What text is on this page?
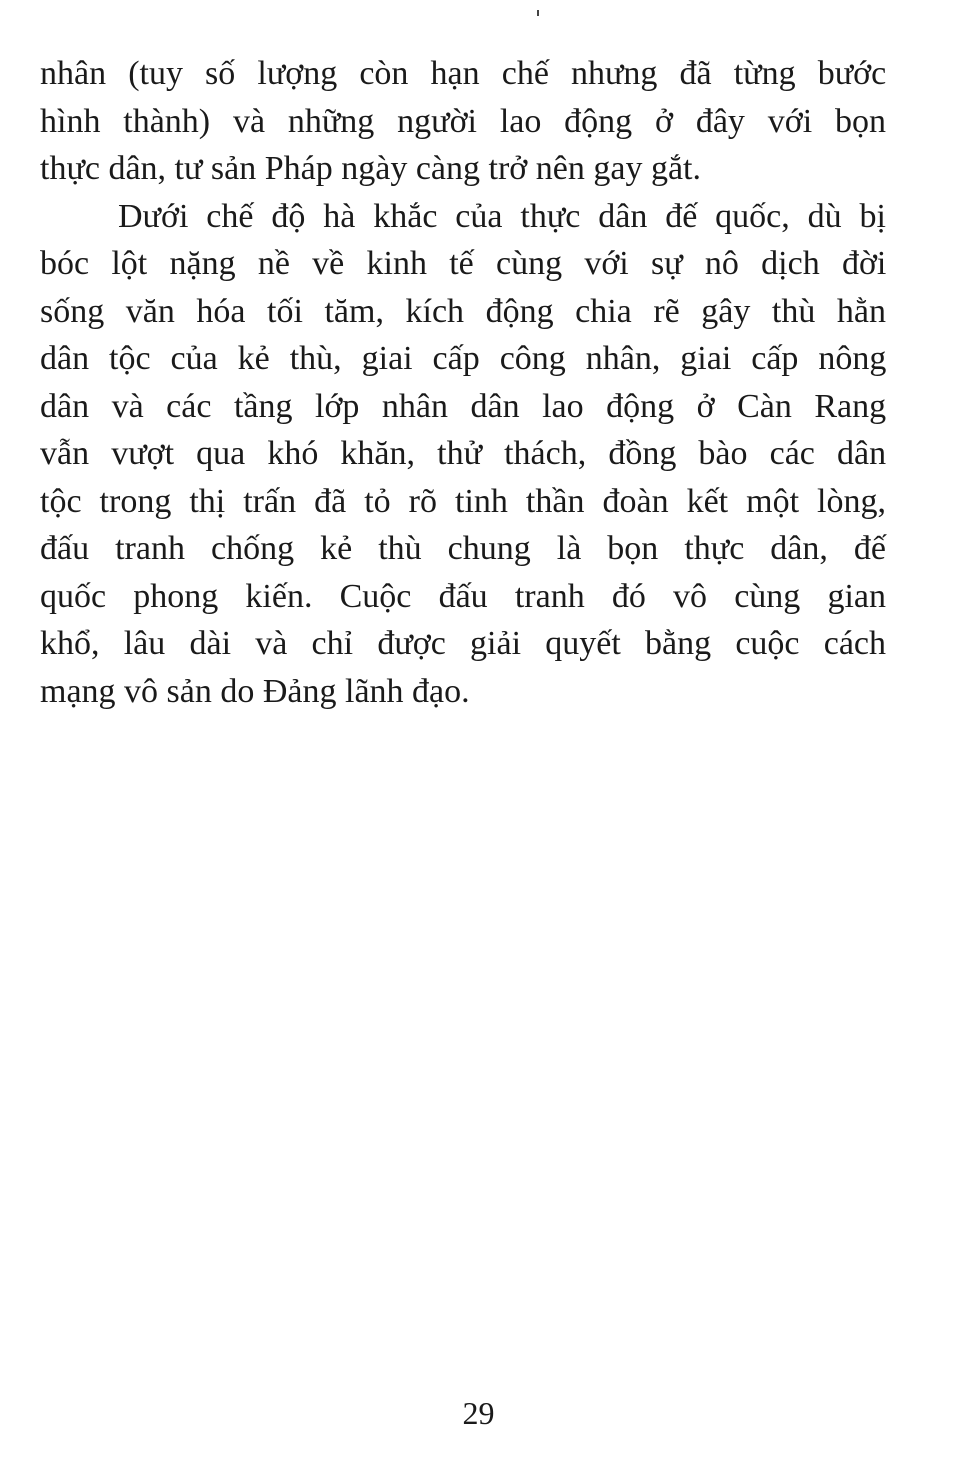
nhân (tuy số lượng còn hạn chế nhưng đã từng bước
hình thành) và những người lao động ở đây với bọn
thực dân, tư sản Pháp ngày càng trở nên gay gắt.

Dưới chế độ hà khắc của thực dân đế quốc, dù bị
bóc lột nặng nề về kinh tế cùng với sự nô dịch đời
sống văn hóa tối tăm, kích động chia rẽ gây thù hằn
dân tộc của kẻ thù, giai cấp công nhân, giai cấp nông
dân và các tầng lớp nhân dân lao động ở Càn Rang
vẫn vượt qua khó khăn, thử thách, đồng bào các dân
tộc trong thị trấn đã tỏ rõ tinh thần đoàn kết một lòng,
đấu tranh chống kẻ thù chung là bọn thực dân, đế
quốc phong kiến. Cuộc đấu tranh đó vô cùng gian
khổ, lâu dài và chỉ được giải quyết bằng cuộc cách
mạng vô sản do Đảng lãnh đạo.

29
